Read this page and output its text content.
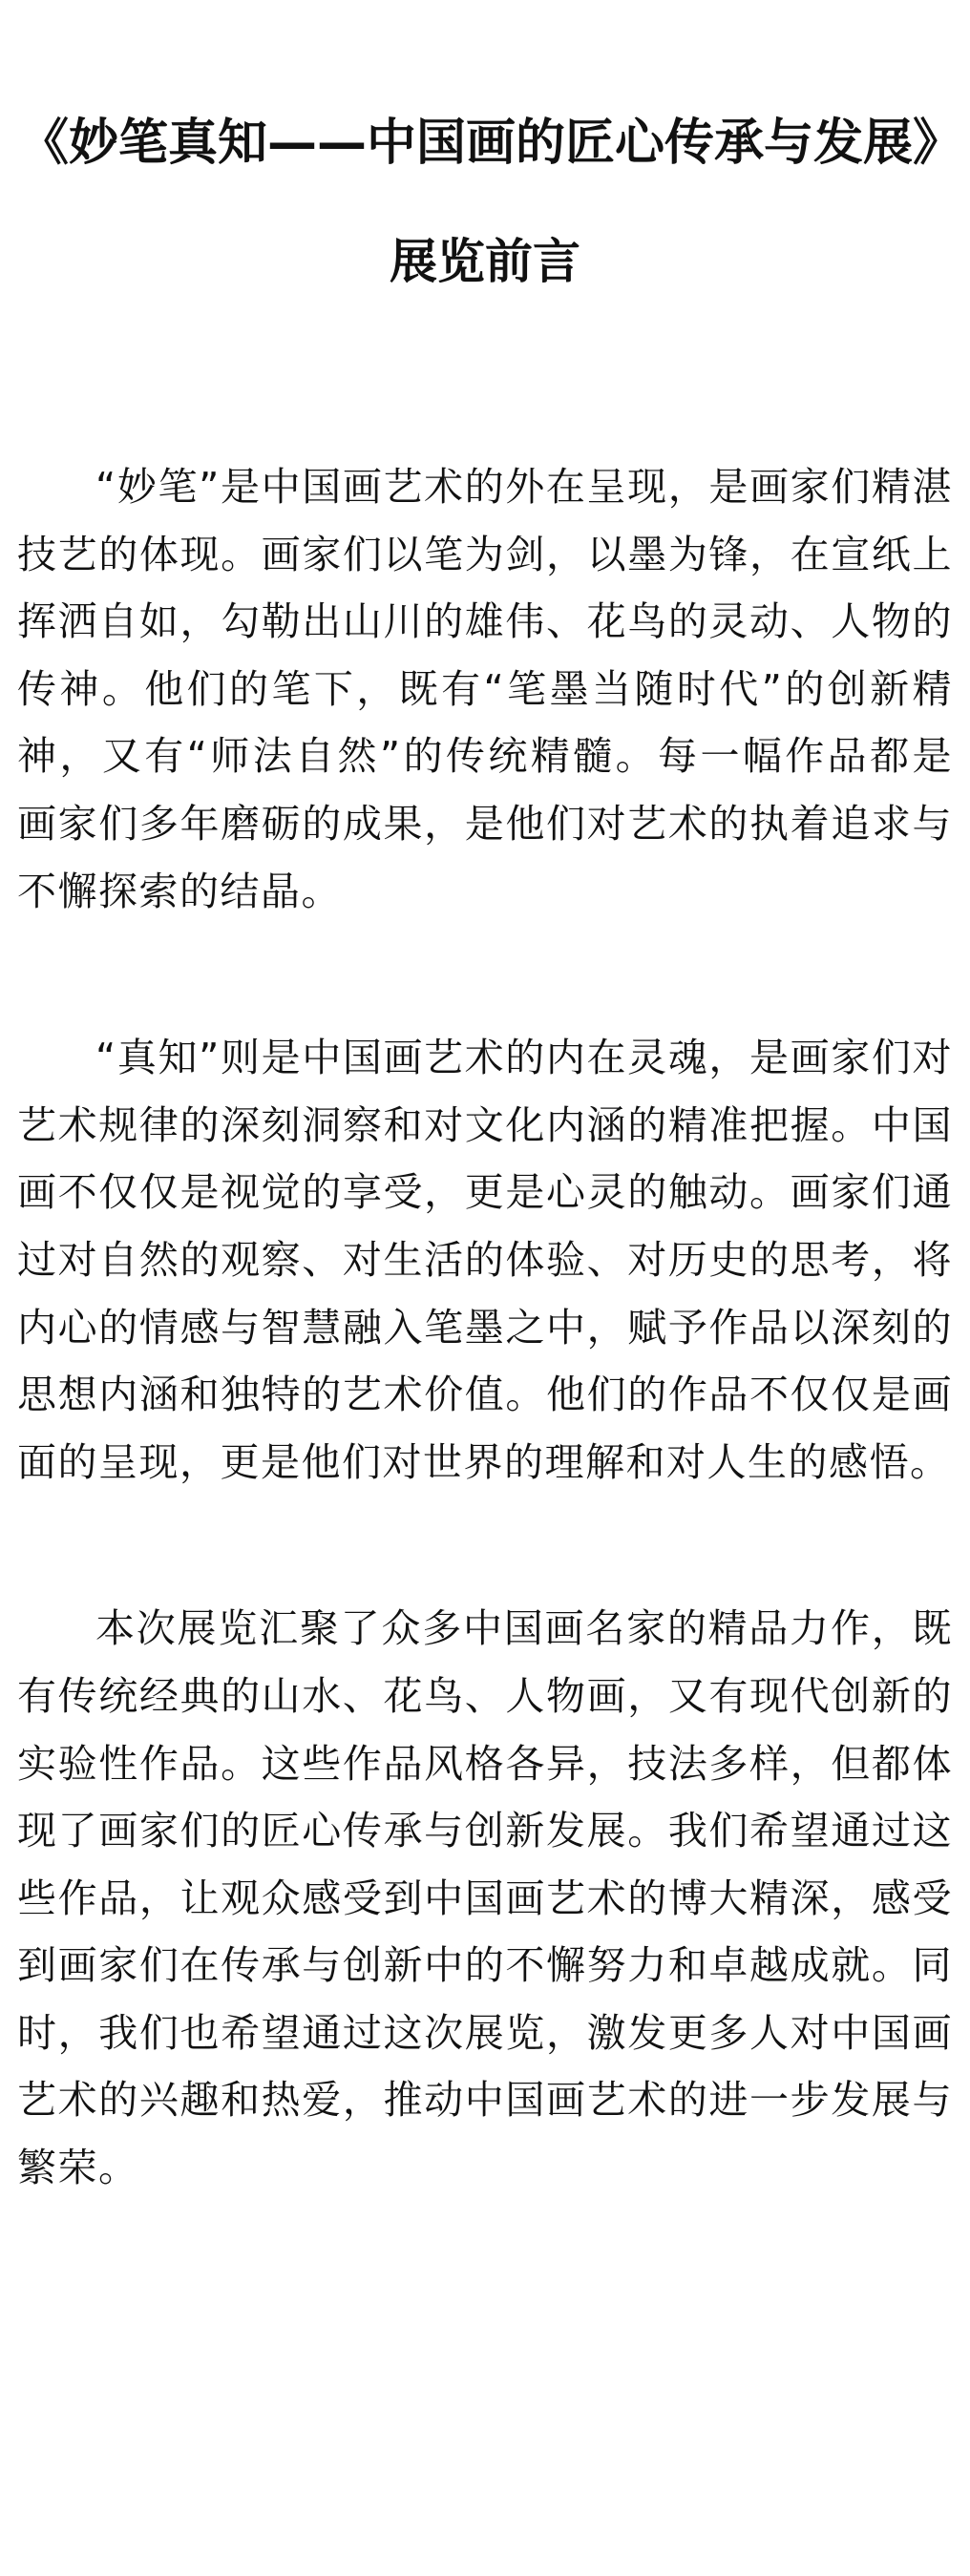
《妙笔真知——中国画的匠心传承与发展》
展览前言

“妙笔”是中国画艺术的外在呈现，是画家们精湛技艺的体现。画家们以笔为剑，以墨为锋，在宣纸上挥洒自如，勾勒出山川的雄伟、花鸟的灵动、人物的传神。他们的笔下，既有“笔墨当随时代”的创新精神，又有“师法自然”的传统精髓。每一幅作品都是画家们多年磨砺的成果，是他们对艺术的执着追求与不懈探索的结晶。

“真知”则是中国画艺术的内在灵魂，是画家们对艺术规律的深刻洞察和对文化内涵的精准把握。中国画不仅仅是视觉的享受，更是心灵的触动。画家们通过对自然的观察、对生活的体验、对历史的思考，将内心的情感与智慧融入笔墨之中，赋予作品以深刻的思想内涵和独特的艺术价值。他们的作品不仅仅是画面的呈现，更是他们对世界的理解和对人生的感悟。

本次展览汇聚了众多中国画名家的精品力作，既有传统经典的山水、花鸟、人物画，又有现代创新的实验性作品。这些作品风格各异，技法多样，但都体现了画家们的匠心传承与创新发展。我们希望通过这些作品，让观众感受到中国画艺术的博大精深，感受到画家们在传承与创新中的不懈努力和卓越成就。同时，我们也希望通过这次展览，激发更多人对中国画艺术的兴趣和热爱，推动中国画艺术的进一步发展与繁荣。
